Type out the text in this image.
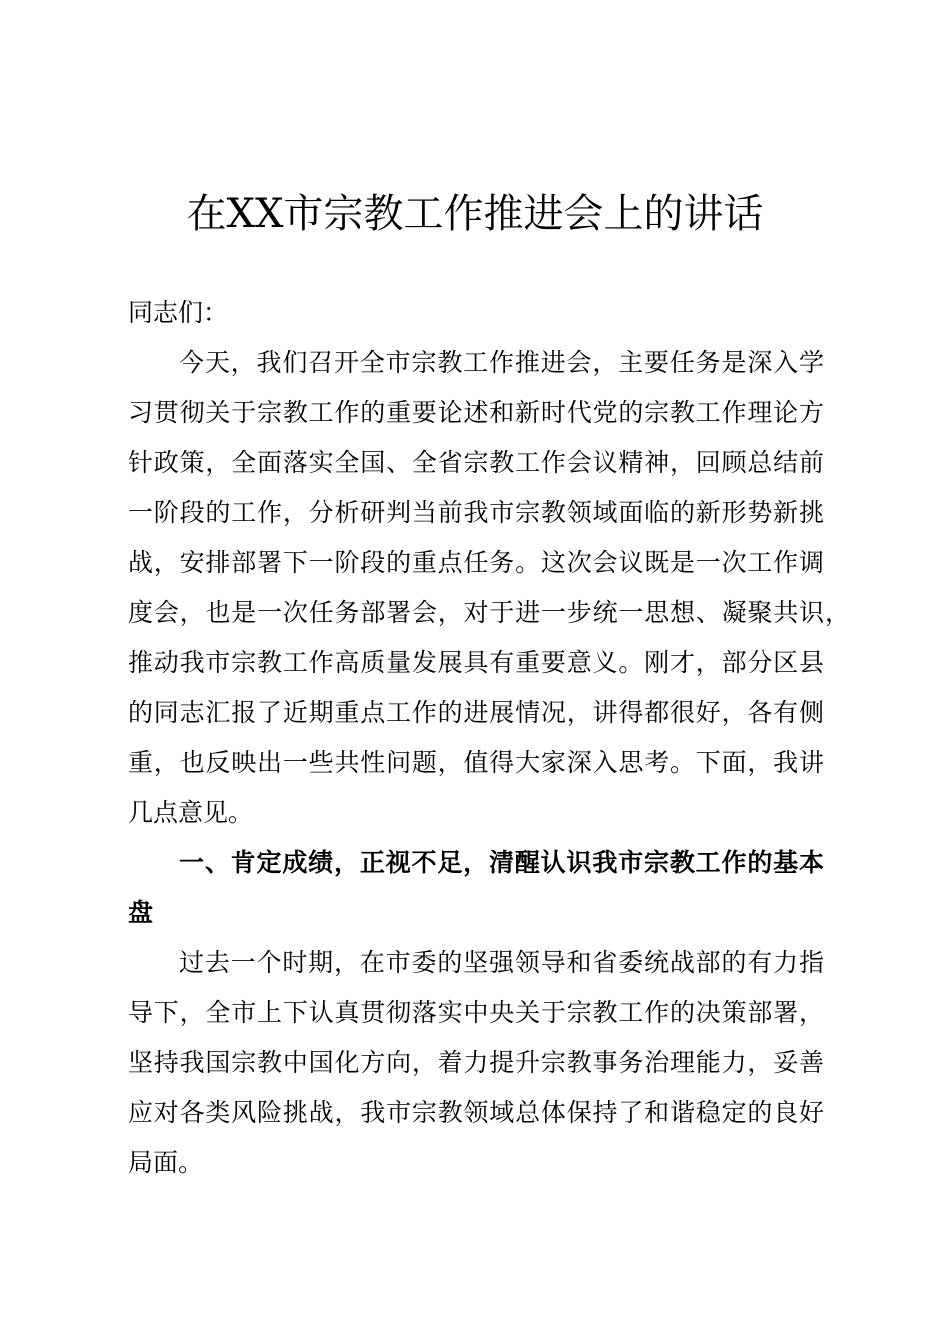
在XX市宗教工作推进会上的讲话
同志们：
今天，我们召开全市宗教工作推进会，主要任务是深入学
习贯彻关于宗教工作的重要论述和新时代党的宗教工作理论方
针政策，全面落实全国、全省宗教工作会议精神，回顾总结前
一阶段的工作，分析研判当前我市宗教领域面临的新形势新挑
战，安排部署下一阶段的重点任务。这次会议既是一次工作调
度会，也是一次任务部署会，对于进一步统一思想、凝聚共识，
推动我市宗教工作高质量发展具有重要意义。刚才，部分区县
的同志汇报了近期重点工作的进展情况，讲得都很好，各有侧
重，也反映出一些共性问题，值得大家深入思考。下面，我讲
几点意见。
一、肯定成绩，正视不足，清醒认识我市宗教工作的基本
盘
过去一个时期，在市委的坚强领导和省委统战部的有力指
导下，全市上下认真贯彻落实中央关于宗教工作的决策部署，
坚持我国宗教中国化方向，着力提升宗教事务治理能力，妥善
应对各类风险挑战，我市宗教领域总体保持了和谐稳定的良好
局面。
